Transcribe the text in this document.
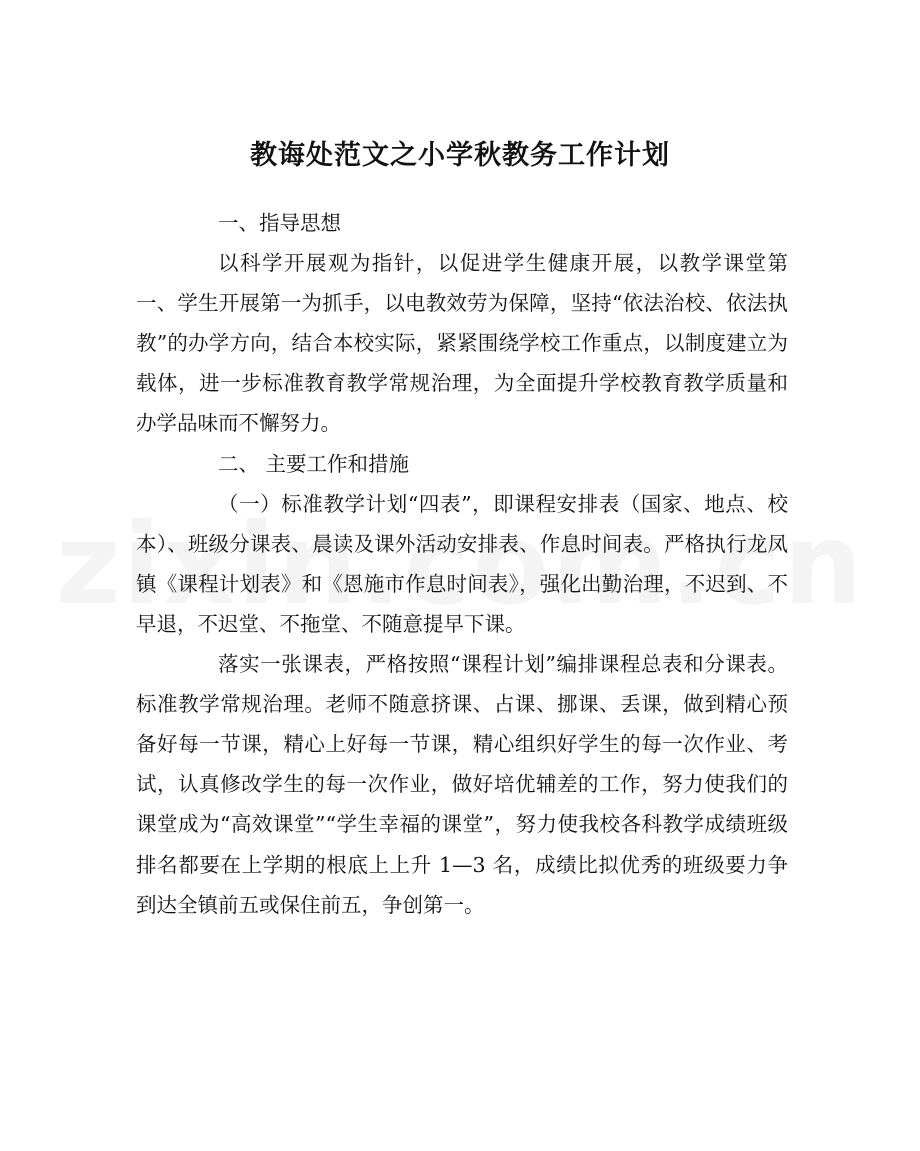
教诲处范文之小学秋教务工作计划

一、指导思想

以科学开展观为指针，以促进学生健康开展，以教学课堂第一、学生开展第一为抓手，以电教效劳为保障，坚持“依法治校、依法执教”的办学方向，结合本校实际，紧紧围绕学校工作重点，以制度建立为载体，进一步标准教育教学常规治理，为全面提升学校教育教学质量和办学品味而不懈努力。

二、 主要工作和措施

（一）标准教学计划“四表”，即课程安排表（国家、地点、校本）、班级分课表、晨读及课外活动安排表、作息时间表。严格执行龙凤镇《课程计划表》和《恩施市作息时间表》，强化出勤治理，不迟到、不早退，不迟堂、不拖堂、不随意提早下课。

落实一张课表，严格按照“课程计划”编排课程总表和分课表。标准教学常规治理。老师不随意挤课、占课、挪课、丢课，做到精心预备好每一节课，精心上好每一节课，精心组织好学生的每一次作业、考试，认真修改学生的每一次作业，做好培优辅差的工作，努力使我们的课堂成为“高效课堂”“学生幸福的课堂”，努力使我校各科教学成绩班级排名都要在上学期的根底上上升 1—3 名，成绩比拟优秀的班级要力争到达全镇前五或保住前五，争创第一。
